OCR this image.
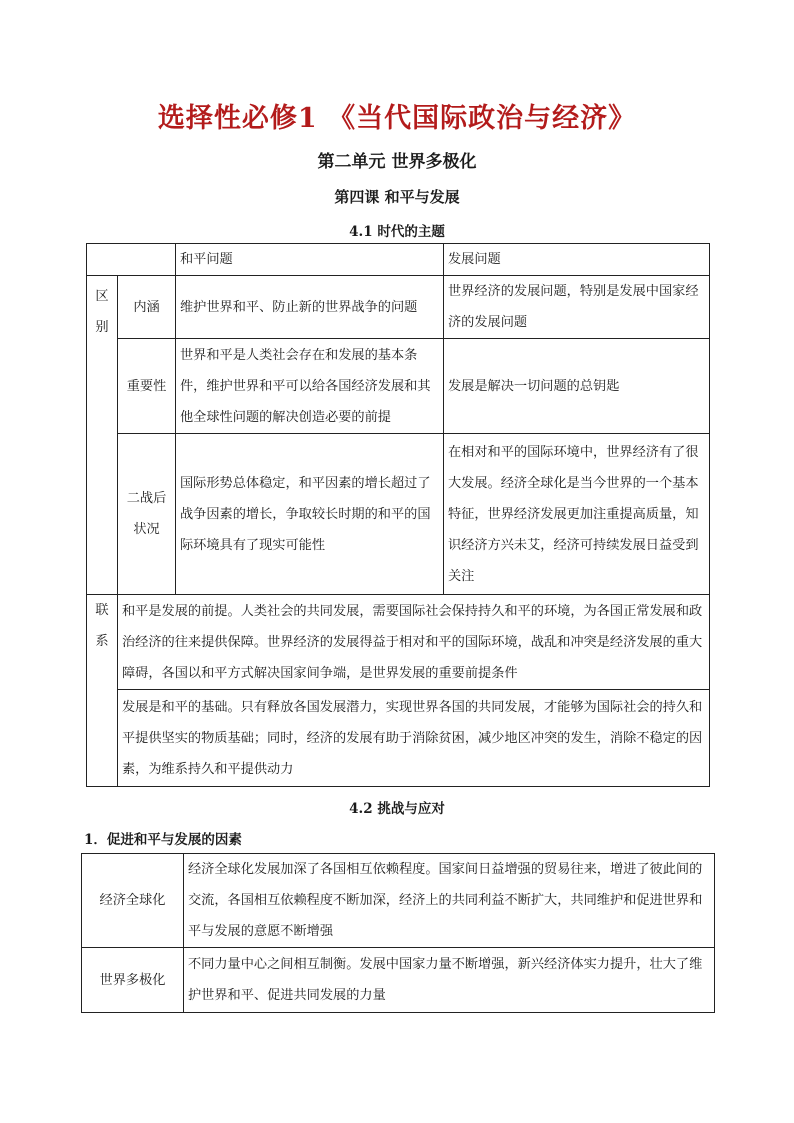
选择性必修1 《当代国际政治与经济》
第二单元 世界多极化
第四课 和平与发展
4.1 时代的主题
		和平问题	发展问题

区
别	内涵	维护世界和平、防止新的世界战争的问题	世界经济的发展问题，特别是发展中国家经济的发展问题
	重要性	世界和平是人类社会存在和发展的基本条件，维护世界和平可以给各国经济发展和其他全球性问题的解决创造必要的前提	发展是解决一切问题的总钥匙
	二战后状况	国际形势总体稳定，和平因素的增长超过了战争因素的增长，争取较长时期的和平的国际环境具有了现实可能性	在相对和平的国际环境中，世界经济有了很大发展。经济全球化是当今世界的一个基本特征，世界经济发展更加注重提高质量，知识经济方兴未艾，经济可持续发展日益受到关注

联
系	和平是发展的前提。人类社会的共同发展，需要国际社会保持持久和平的环境，为各国正常发展和政治经济的往来提供保障。世界经济的发展得益于相对和平的国际环境，战乱和冲突是经济发展的重大障碍，各国以和平方式解决国家间争端，是世界发展的重要前提条件		
	发展是和平的基础。只有释放各国发展潜力，实现世界各国的共同发展，才能够为国际社会的持久和平提供坚实的物质基础；同时，经济的发展有助于消除贫困，减少地区冲突的发生，消除不稳定的因素，为维系持久和平提供动力		
4.2 挑战与应对
1．促进和平与发展的因素
经济全球化	经济全球化发展加深了各国相互依赖程度。国家间日益增强的贸易往来，增进了彼此间的交流，各国相互依赖程度不断加深，经济上的共同利益不断扩大，共同维护和促进世界和平与发展的意愿不断增强
世界多极化	不同力量中心之间相互制衡。发展中国家力量不断增强，新兴经济体实力提升，壮大了维护世界和平、促进共同发展的力量
